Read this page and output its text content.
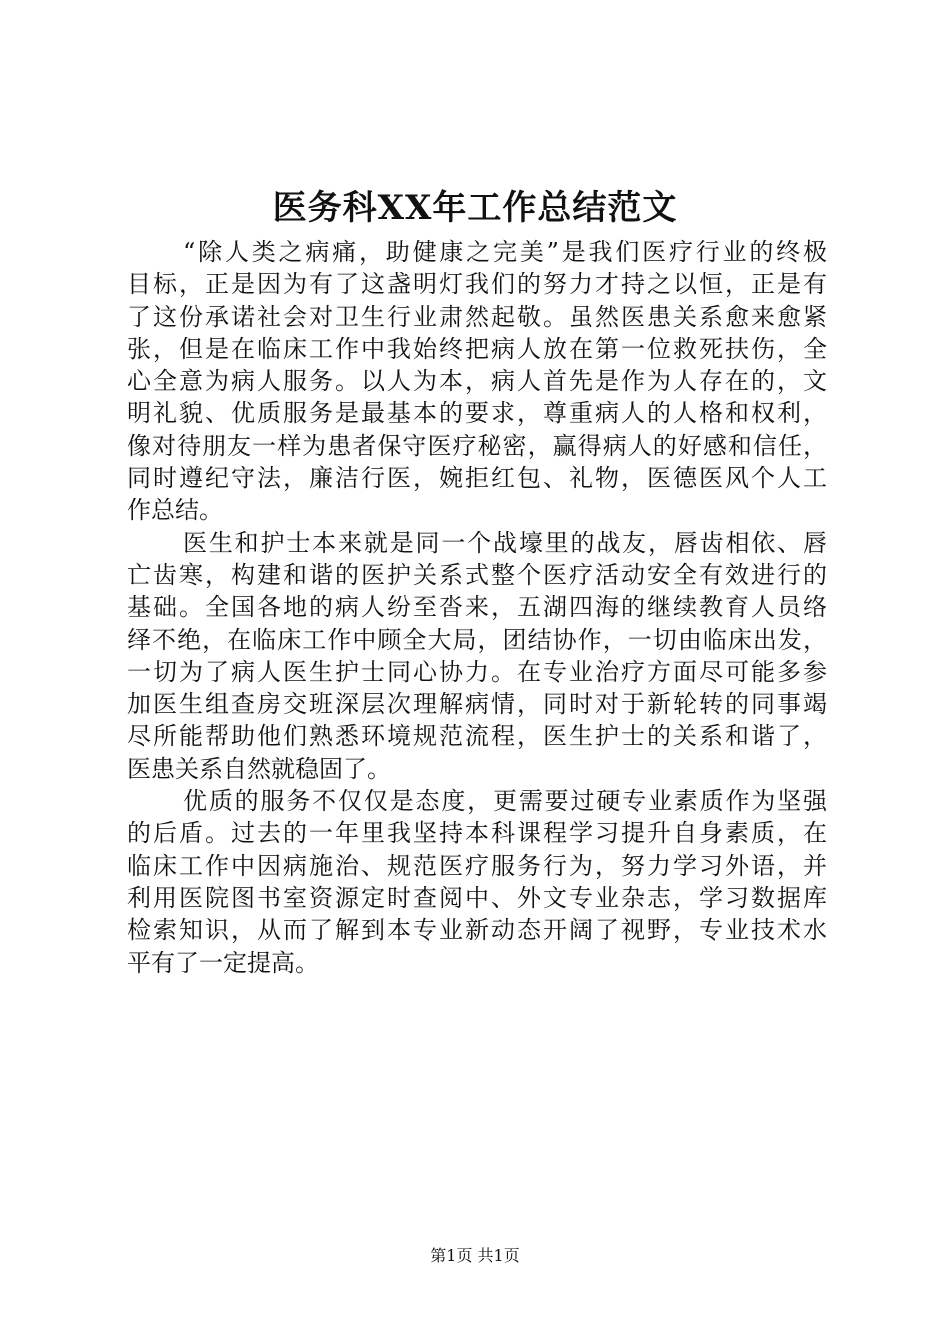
医务科XX年工作总结范文
“除人类之病痛，助健康之完美”是我们医疗行业的终极
目标，正是因为有了这盏明灯我们的努力才持之以恒，正是有
了这份承诺社会对卫生行业肃然起敬。虽然医患关系愈来愈紧
张，但是在临床工作中我始终把病人放在第一位救死扶伤，全
心全意为病人服务。以人为本，病人首先是作为人存在的，文
明礼貌、优质服务是最基本的要求，尊重病人的人格和权利，
像对待朋友一样为患者保守医疗秘密，赢得病人的好感和信任，
同时遵纪守法，廉洁行医，婉拒红包、礼物，医德医风个人工
作总结。
医生和护士本来就是同一个战壕里的战友，唇齿相依、唇
亡齿寒，构建和谐的医护关系式整个医疗活动安全有效进行的
基础。全国各地的病人纷至沓来，五湖四海的继续教育人员络
绎不绝，在临床工作中顾全大局，团结协作，一切由临床出发，
一切为了病人医生护士同心协力。在专业治疗方面尽可能多参
加医生组查房交班深层次理解病情，同时对于新轮转的同事竭
尽所能帮助他们熟悉环境规范流程，医生护士的关系和谐了，
医患关系自然就稳固了。
优质的服务不仅仅是态度，更需要过硬专业素质作为坚强
的后盾。过去的一年里我坚持本科课程学习提升自身素质，在
临床工作中因病施治、规范医疗服务行为，努力学习外语，并
利用医院图书室资源定时查阅中、外文专业杂志，学习数据库
检索知识，从而了解到本专业新动态开阔了视野，专业技术水
平有了一定提高。
第1页 共1页
